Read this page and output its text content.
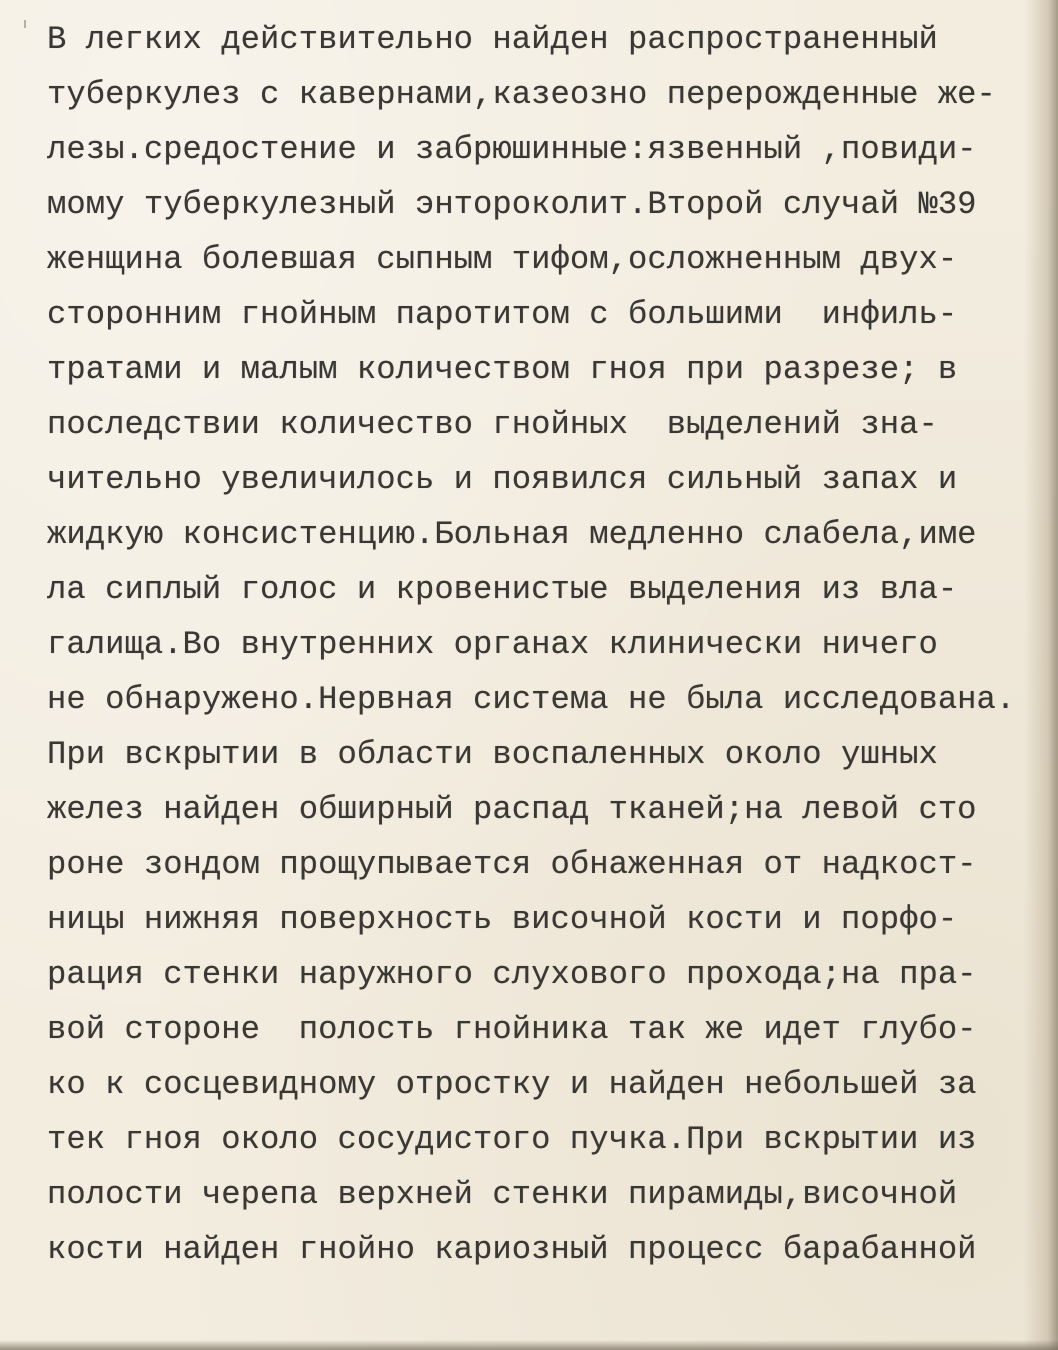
В легких действительно найден распространенный
туберкулез с кавернами,казеозно перерожденные же-
лезы.средостение и забрюшинные:язвенный ,повиди-
мому туберкулезный энтороколит.Второй случай №39
женщина болевшая сыпным тифом,осложненным двух-
сторонним гнойным паротитом с большими  инфиль-
тратами и малым количеством гноя при разрезе; в
последствии количество гнойных  выделений зна-
чительно увеличилось и появился сильный запах и
жидкую консистенцию.Больная медленно слабела,име
ла сиплый голос и кровенистые выделения из вла-
галища.Во внутренних органах клинически ничего
не обнаружено.Нервная система не была исследована.
При вскрытии в области воспаленных около ушных
желез найден обширный распад тканей;на левой сто
роне зондом прощупывается обнаженная от надкост-
ницы нижняя поверхность височной кости и порфо-
рация стенки наружного слухового прохода;на пра-
вой стороне  полость гнойника так же идет глубо-
ко к сосцевидному отростку и найден небольшей за
тек гноя около сосудистого пучка.При вскрытии из
полости черепа верхней стенки пирамиды,височной
кости найден гнойно кариозный процесс барабанной
